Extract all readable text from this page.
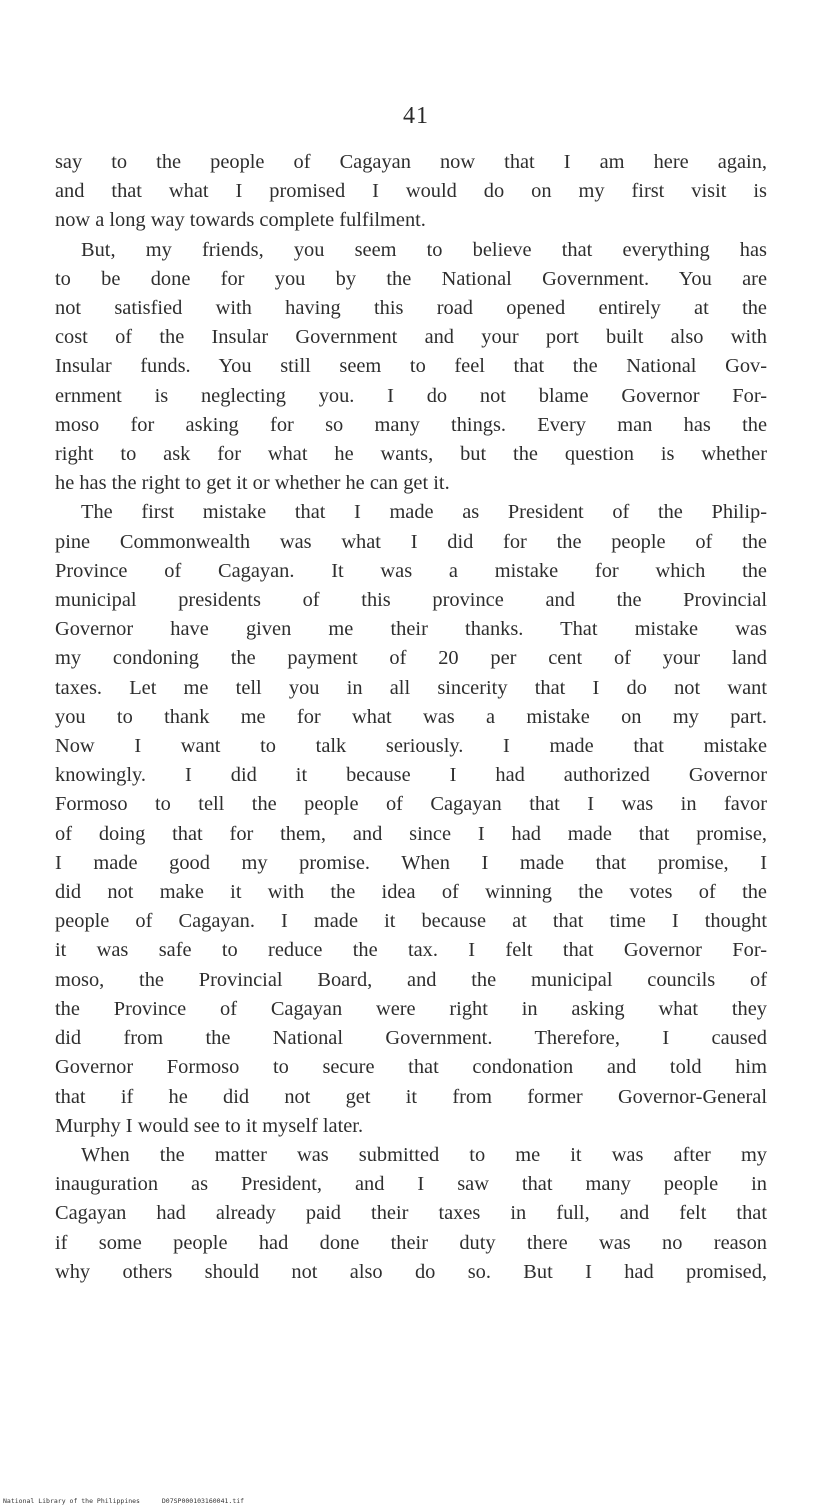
41
say to the people of Cagayan now that I am here again,
and that what I promised I would do on my first visit is
now a long way towards complete fulfilment.
But, my friends, you seem to believe that everything has
to be done for you by the National Government. You are
not satisfied with having this road opened entirely at the
cost of the Insular Government and your port built also with
Insular funds. You still seem to feel that the National Gov-
ernment is neglecting you. I do not blame Governor For-
moso for asking for so many things. Every man has the
right to ask for what he wants, but the question is whether
he has the right to get it or whether he can get it.
The first mistake that I made as President of the Philip-
pine Commonwealth was what I did for the people of the
Province of Cagayan. It was a mistake for which the
municipal presidents of this province and the Provincial
Governor have given me their thanks. That mistake was
my condoning the payment of 20 per cent of your land
taxes. Let me tell you in all sincerity that I do not want
you to thank me for what was a mistake on my part.
Now I want to talk seriously. I made that mistake
knowingly. I did it because I had authorized Governor
Formoso to tell the people of Cagayan that I was in favor
of doing that for them, and since I had made that promise,
I made good my promise. When I made that promise, I
did not make it with the idea of winning the votes of the
people of Cagayan. I made it because at that time I thought
it was safe to reduce the tax. I felt that Governor For-
moso, the Provincial Board, and the municipal councils of
the Province of Cagayan were right in asking what they
did from the National Government. Therefore, I caused
Governor Formoso to secure that condonation and told him
that if he did not get it from former Governor-General
Murphy I would see to it myself later.
When the matter was submitted to me it was after my
inauguration as President, and I saw that many people in
Cagayan had already paid their taxes in full, and felt that
if some people had done their duty there was no reason
why others should not also do so. But I had promised,
National Library of the Philippines	D07SP000103160041.tif
